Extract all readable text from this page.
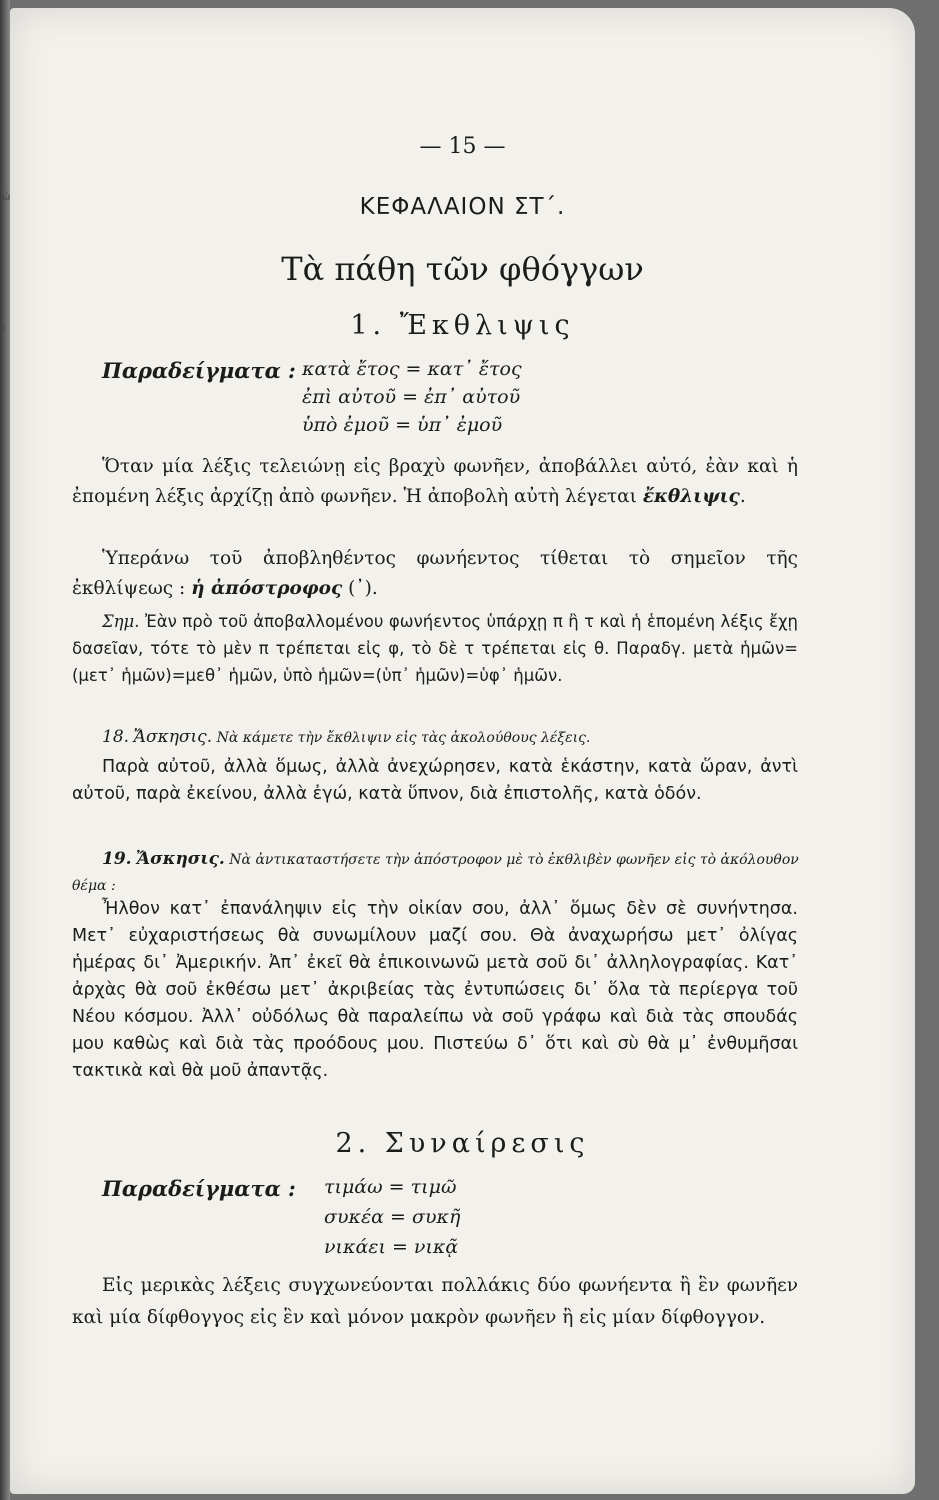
ώ
ι
— 15 —
ΚΕΦΑΛΑΙΟΝ ΣΤ΄.
Τὰ πάθη τῶν φθόγγων
1. Ἔκθλιψις
Παραδείγματα : κατὰ ἔτος = κατ᾽ ἔτος
ἐπὶ αὐτοῦ = ἐπ᾽ αὐτοῦ
ὑπὸ ἐμοῦ = ὑπ᾽ ἐμοῦ

Ὅταν μία λέξις τελειώνῃ εἰς βραχὺ φωνῆεν, ἀποβάλλει αὐτό, ἐὰν καὶ ἡ ἐπομένη λέξις ἀρχίζῃ ἀπὸ φωνῆεν. Ἡ ἀποβολὴ αὐτὴ λέγεται ἔκθλιψις.

Ὑπεράνω τοῦ ἀποβληθέντος φωνήεντος τίθεται τὸ σημεῖον τῆς ἐκθλίψεως : ἡ ἀπόστροφος (᾽).

Σημ. Ἐὰν πρὸ τοῦ ἀποβαλλομένου φωνήεντος ὑπάρχῃ π ἢ τ καὶ ἡ ἑπομένη λέξις ἔχῃ δασεῖαν, τότε τὸ μὲν π τρέπεται εἰς φ, τὸ δὲ τ τρέπεται εἰς θ. Παραδγ. μετὰ ἡμῶν=(μετ᾽ ἡμῶν)=μεθ᾽ ἡμῶν, ὑπὸ ἡμῶν=(ὑπ᾽ ἡμῶν)=ὑφ᾽ ἡμῶν.

18. Ἄσκησις. Νὰ κάμετε τὴν ἔκθλιψιν εἰς τὰς ἀκολούθους λέξεις.

Παρὰ αὐτοῦ, ἀλλὰ ὅμως, ἀλλὰ ἀνεχώρησεν, κατὰ ἑκάστην, κατὰ ὥραν, ἀντὶ αὐτοῦ, παρὰ ἐκείνου, ἀλλὰ ἐγώ, κατὰ ὕπνον, διὰ ἐπιστολῆς, κατὰ ὁδόν.

19. Ἄσκησις. Νὰ ἀντικαταστήσετε τὴν ἀπόστροφον μὲ τὸ ἐκθλιβὲν φωνῆεν εἰς τὸ ἀκόλουθον θέμα :

Ἦλθον κατ᾽ ἐπανάληψιν εἰς τὴν οἰκίαν σου, ἀλλ᾽ ὅμως δὲν σὲ συνήντησα. Μετ᾽ εὐχαριστήσεως θὰ συνωμίλουν μαζί σου. Θὰ ἀναχωρήσω μετ᾽ ὀλίγας ἡμέρας δι᾽ Ἀμερικήν. Ἀπ᾽ ἐκεῖ θὰ ἐπικοινωνῶ μετὰ σοῦ δι᾽ ἀλληλογραφίας. Κατ᾽ ἀρχὰς θὰ σοῦ ἐκθέσω μετ᾽ ἀκριβείας τὰς ἐντυπώσεις δι᾽ ὅλα τὰ περίεργα τοῦ Νέου κόσμου. Ἀλλ᾽ οὐδόλως θὰ παραλείπω νὰ σοῦ γράφω καὶ διὰ τὰς σπουδάς μου καθὼς καὶ διὰ τὰς προόδους μου. Πιστεύω δ᾽ ὅτι καὶ σὺ θὰ μ᾽ ἐνθυμῆσαι τακτικὰ καὶ θὰ μοῦ ἀπαντᾷς.

2. Συναίρεσις
Παραδείγματα : τιμάω = τιμῶ
συκέα = συκῆ
νικάει = νικᾷ

Εἰς μερικὰς λέξεις συγχωνεύονται πολλάκις δύο φωνήεντα ἢ ἓν φωνῆεν καὶ μία δίφθογγος εἰς ἓν καὶ μόνον μακρὸν φωνῆεν ἢ εἰς μίαν δίφθογγον.
